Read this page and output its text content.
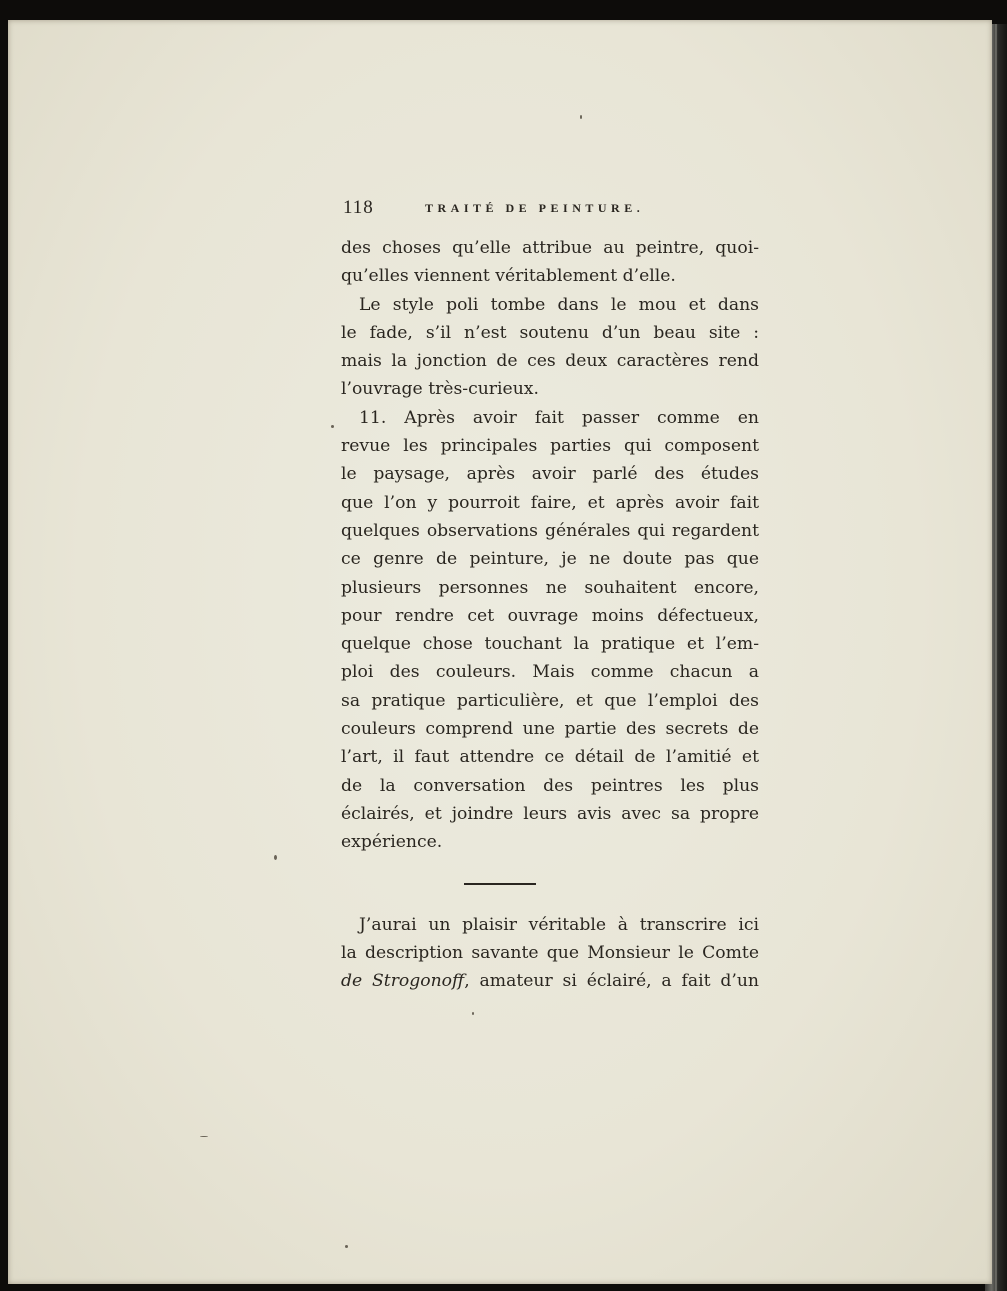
118	TRAITÉ DE PEINTURE.
des choses qu’elle attribue au peintre, quoi-
qu’elles viennent véritablement d’elle.
Le style poli tombe dans le mou et dans
le fade, s’il n’est soutenu d’un beau site :
mais la jonction de ces deux caractères rend
l’ouvrage très-curieux.
11. Après avoir fait passer comme en
revue les principales parties qui composent
le paysage, après avoir parlé des études
que l’on y pourroit faire, et après avoir fait
quelques observations générales qui regardent
ce genre de peinture, je ne doute pas que
plusieurs personnes ne souhaitent encore,
pour rendre cet ouvrage moins défectueux,
quelque chose touchant la pratique et l’em-
ploi des couleurs. Mais comme chacun a
sa pratique particulière, et que l’emploi des
couleurs comprend une partie des secrets de
l’art, il faut attendre ce détail de l’amitié et
de la conversation des peintres les plus
éclairés, et joindre leurs avis avec sa propre
expérience.
J’aurai un plaisir véritable à transcrire ici
la description savante que Monsieur le Comte
de Strogonoff, amateur si éclairé, a fait d’un
